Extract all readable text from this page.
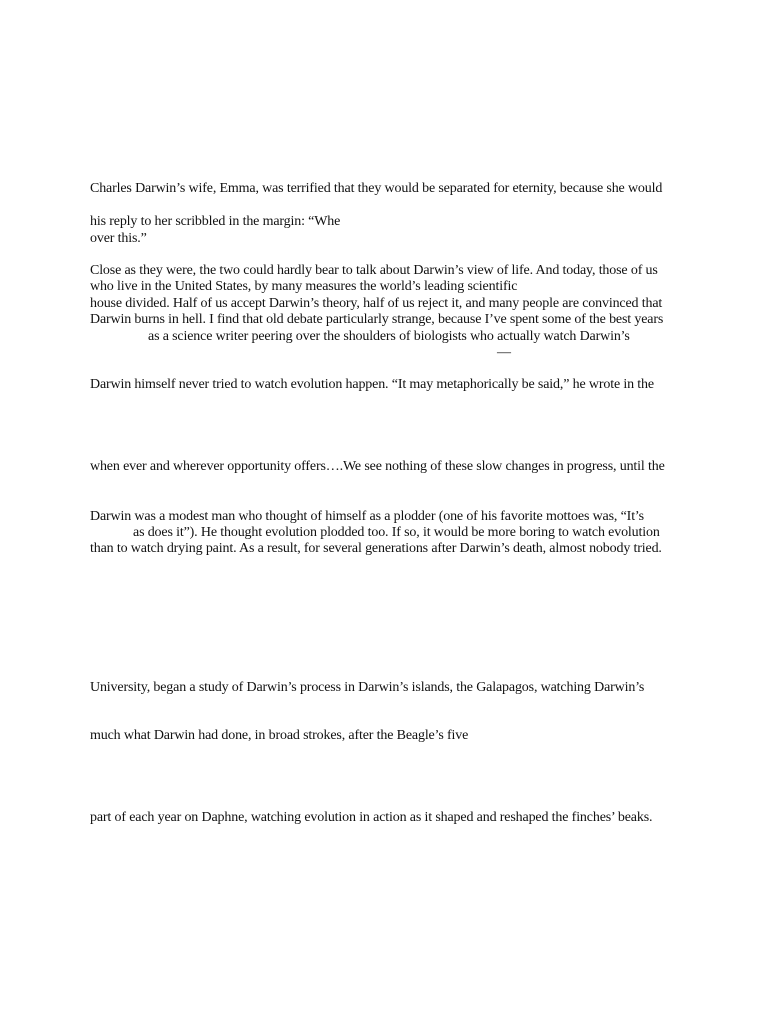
Charles Darwin’s wife, Emma, was terrified that they would be separated for eternity, because she would
his reply to her scribbled in the margin: “Whe
over this.”
Close as they were, the two could hardly bear to talk about Darwin’s view of life. And today, those of us
who live in the United States, by many measures the world’s leading scientific
house divided. Half of us accept Darwin’s theory, half of us reject it, and many people are convinced that
Darwin burns in hell. I find that old debate particularly strange, because I’ve spent some of the best years
as a science writer peering over the shoulders of biologists who actually watch Darwin’s
—
Darwin himself never tried to watch evolution happen. “It may metaphorically be said,” he wrote in the
when ever and wherever opportunity offers….We see nothing of these slow changes in progress, until the
Darwin was a modest man who thought of himself as a plodder (one of his favorite mottoes was, “It’s
as does it”). He thought evolution plodded too. If so, it would be more boring to watch evolution
than to watch drying paint. As a result, for several generations after Darwin’s death, almost nobody tried.
University, began a study of Darwin’s process in Darwin’s islands, the Galapagos, watching Darwin’s
much what Darwin had done, in broad strokes, after the Beagle’s five
part of each year on Daphne, watching evolution in action as it shaped and reshaped the finches’ beaks.
